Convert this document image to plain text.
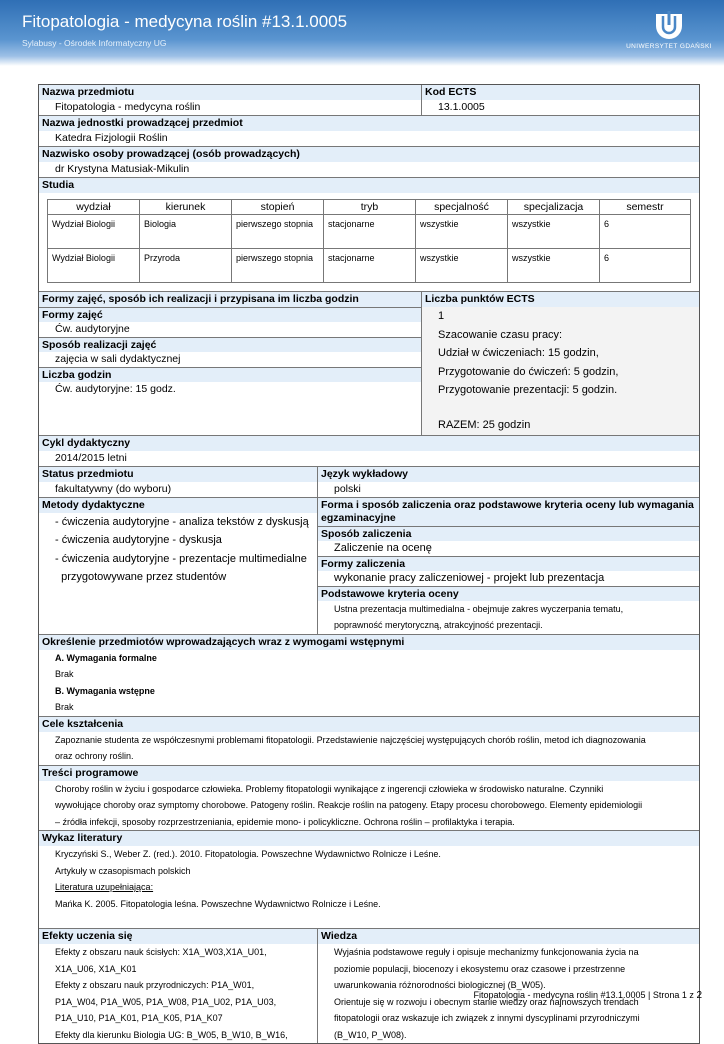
Fitopatologia - medycyna roślin #13.1.0005
Sylabusy - Ośrodek Informatyczny UG	UNIWERSYTET GDAŃSKI
Nazwa przedmiotu
Fitopatologia - medycyna roślin
Kod ECTS
13.1.0005
Nazwa jednostki prowadzącej przedmiot
Katedra Fizjologii Roślin
Nazwisko osoby prowadzącej (osób prowadzących)
dr Krystyna Matusiak-Mikulin
Studia
wydział	kierunek	stopień	tryb	specjalność	specjalizacja	semestr
Wydział Biologii	Biologia	pierwszego stopnia	stacjonarne	wszystkie	wszystkie	6
Wydział Biologii	Przyroda	pierwszego stopnia	stacjonarne	wszystkie	wszystkie	6
Formy zajęć, sposób ich realizacji i przypisana im liczba godzin
Formy zajęć
Ćw. audytoryjne
Sposób realizacji zajęć
zajęcia w sali dydaktycznej
Liczba godzin
Ćw. audytoryjne: 15 godz.
Liczba punktów ECTS
1
Szacowanie czasu pracy:
Udział w ćwiczeniach: 15 godzin,
Przygotowanie do ćwiczeń: 5 godzin,
Przygotowanie prezentacji: 5 godzin.
RAZEM: 25 godzin
Cykl dydaktyczny
2014/2015 letni
Status przedmiotu
fakultatywny (do wyboru)
Język wykładowy
polski
Metody dydaktyczne
- ćwiczenia audytoryjne - analiza tekstów z dyskusją
- ćwiczenia audytoryjne - dyskusja
- ćwiczenia audytoryjne - prezentacje multimedialne
przygotowywane przez studentów
Forma i sposób zaliczenia oraz podstawowe kryteria oceny lub wymagania egzaminacyjne
Sposób zaliczenia
Zaliczenie na ocenę
Formy zaliczenia
wykonanie pracy zaliczeniowej - projekt lub prezentacja
Podstawowe kryteria oceny
Ustna prezentacja multimedialna - obejmuje zakres wyczerpania tematu,
poprawność merytoryczną, atrakcyjność prezentacji.
Określenie przedmiotów wprowadzających wraz z wymogami wstępnymi
A. Wymagania formalne
Brak
B. Wymagania wstępne
Brak
Cele kształcenia
Zapoznanie studenta ze współczesnymi problemami fitopatologii. Przedstawienie najczęściej występujących chorób roślin, metod ich diagnozowania
oraz ochrony roślin.
Treści programowe
Choroby roślin w życiu i gospodarce człowieka. Problemy fitopatologii wynikające z ingerencji człowieka w środowisko naturalne. Czynniki
wywołujące choroby oraz symptomy chorobowe. Patogeny roślin. Reakcje roślin na patogeny. Etapy procesu chorobowego. Elementy epidemiologii
– źródła infekcji, sposoby rozprzestrzeniania, epidemie mono- i policykliczne. Ochrona roślin – profilaktyka i terapia.
Wykaz literatury
Kryczyński S., Weber Z. (red.). 2010. Fitopatologia. Powszechne Wydawnictwo Rolnicze i Leśne.
Artykuły w czasopismach polskich
Literatura uzupełniająca:
Mańka K. 2005. Fitopatologia leśna. Powszechne Wydawnictwo Rolnicze i Leśne.
Efekty uczenia się
Efekty z obszaru nauk ścisłych: X1A_W03,X1A_U01,
X1A_U06, X1A_K01
Efekty z obszaru nauk przyrodniczych: P1A_W01,
P1A_W04, P1A_W05, P1A_W08, P1A_U02, P1A_U03,
P1A_U10, P1A_K01, P1A_K05, P1A_K07
Efekty dla kierunku Biologia UG: B_W05, B_W10, B_W16,
Wiedza
Wyjaśnia podstawowe reguły i opisuje mechanizmy funkcjonowania życia na
poziomie populacji, biocenozy i ekosystemu oraz czasowe i przestrzenne
uwarunkowania różnorodności biologicznej (B_W05).
Orientuje się w rozwoju i obecnym stanie wiedzy oraz najnowszych trendach
fitopatologii oraz wskazuje ich związek z innymi dyscyplinami przyrodniczymi
(B_W10, P_W08).
Fitopatologia - medycyna roślin #13.1.0005 | Strona 1 z 2
